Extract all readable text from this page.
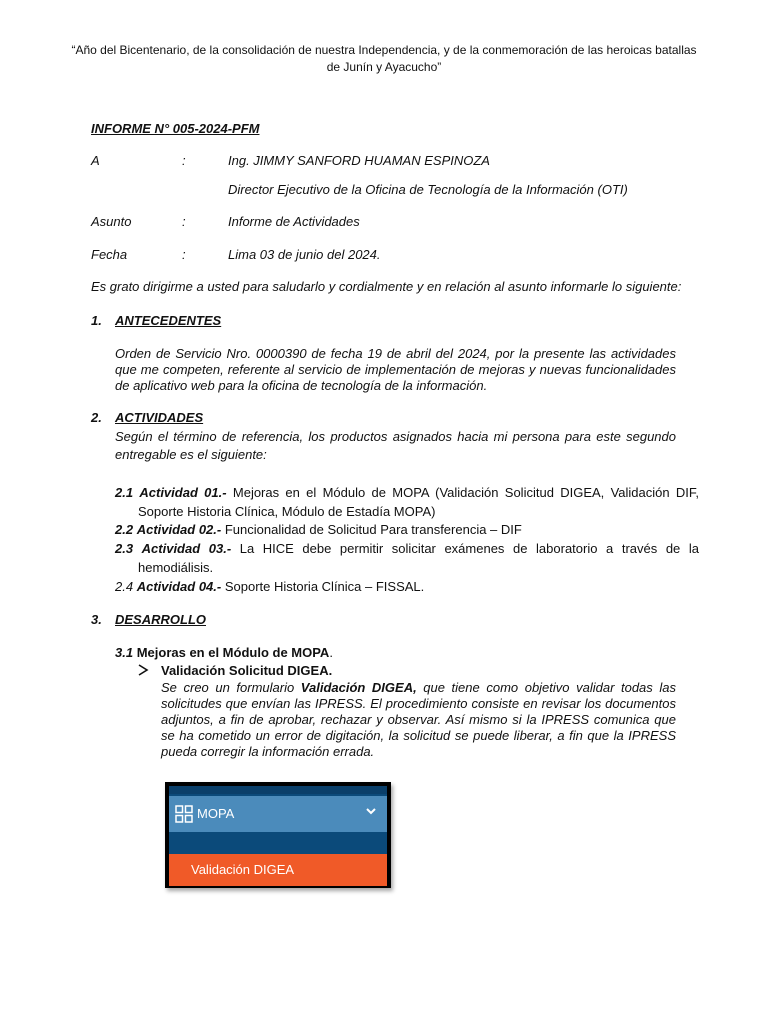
“Año del Bicentenario, de la consolidación de nuestra Independencia, y de la conmemoración de las heroicas batallas de Junín y Ayacucho”
INFORME N° 005-2024-PFM
A	:	Ing. JIMMY SANFORD HUAMAN ESPINOZA
Director Ejecutivo de la Oficina de Tecnología de la Información (OTI)
Asunto	:	Informe de Actividades
Fecha	:	Lima 03 de junio del 2024.
Es grato dirigirme a usted para saludarlo y cordialmente y en relación al asunto informarle lo siguiente:
1. ANTECEDENTES
Orden de Servicio Nro. 0000390 de fecha 19 de abril del 2024, por la presente las actividades que me competen, referente al servicio de implementación de mejoras y nuevas funcionalidades de aplicativo web para la oficina de tecnología de la información.
2. ACTIVIDADES
Según el término de referencia, los productos asignados hacia mi persona para este segundo entregable es el siguiente:
2.1 Actividad 01.- Mejoras en el Módulo de MOPA (Validación Solicitud DIGEA, Validación DIF, Soporte Historia Clínica, Módulo de Estadía MOPA)
2.2 Actividad 02.- Funcionalidad de Solicitud Para transferencia – DIF
2.3 Actividad 03.- La HICE debe permitir solicitar exámenes de laboratorio a través de la hemodiálisis.
2.4 Actividad 04.- Soporte Historia Clínica – FISSAL.
3. DESARROLLO
3.1 Mejoras en el Módulo de MOPA.
Validación Solicitud DIGEA.
Se creo un formulario Validación DIGEA, que tiene como objetivo validar todas las solicitudes que envían las IPRESS. El procedimiento consiste en revisar los documentos adjuntos, a fin de aprobar, rechazar y observar. Así mismo si la IPRESS comunica que se ha cometido un error de digitación, la solicitud se puede liberar, a fin que la IPRESS pueda corregir la información errada.
MOPA
Validación DIGEA
